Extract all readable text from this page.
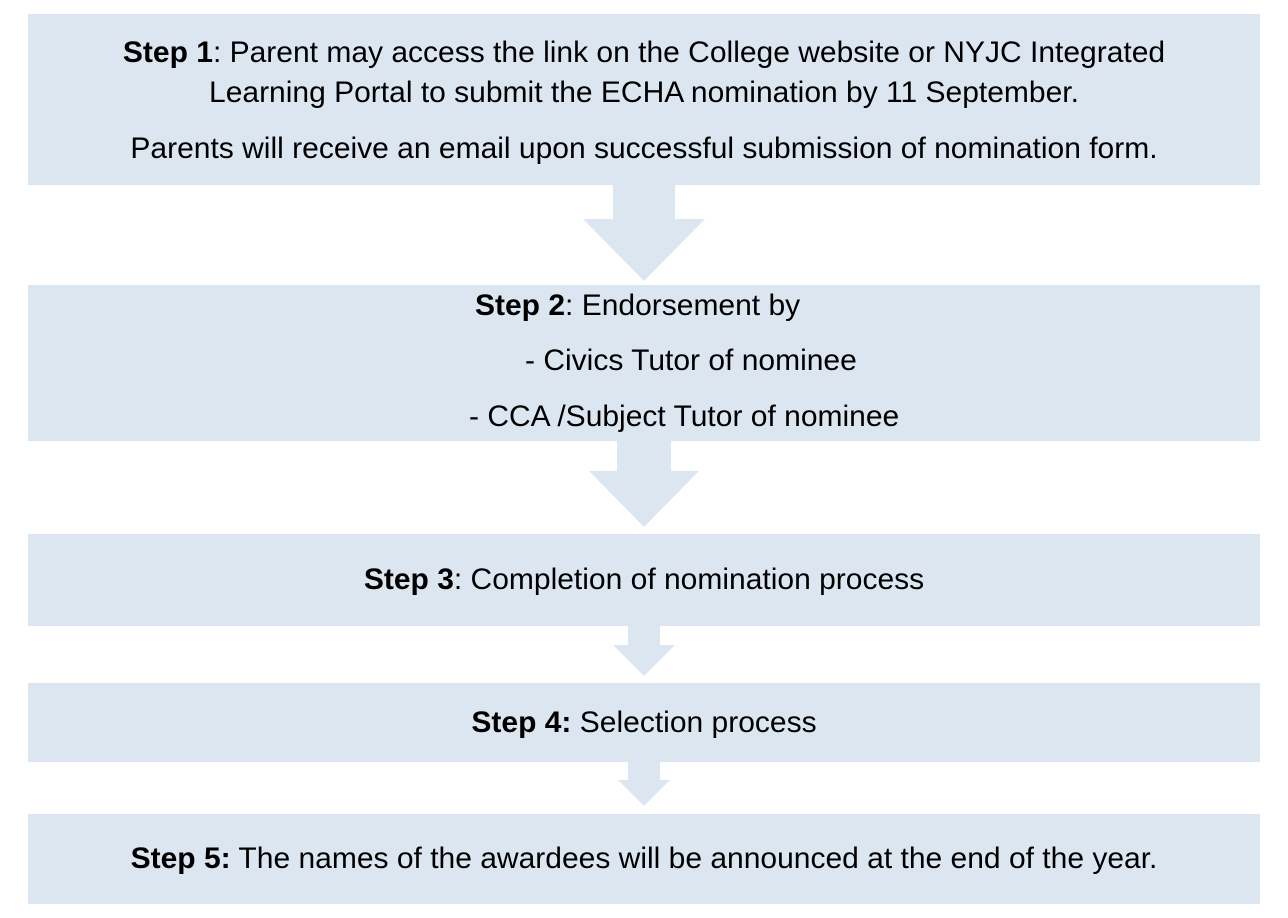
Step 1: Parent may access the link on the College website or NYJC Integrated
Learning Portal to submit the ECHA nomination by 11 September.
Parents will receive an email upon successful submission of nomination form.
Step 2: Endorsement by
- Civics Tutor of nominee
- CCA /Subject Tutor of nominee
Step 3: Completion of nomination process
Step 4: Selection process
Step 5: The names of the awardees will be announced at the end of the year.
